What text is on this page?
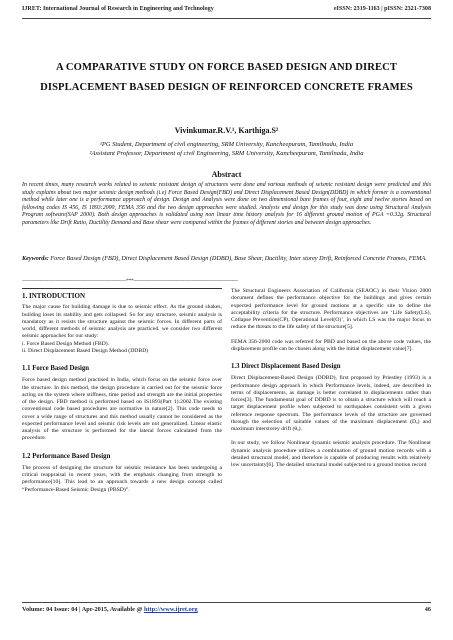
IJRET: International Journal of Research in Engineering and Technology	eISSN: 2319-1163 | pISSN: 2321-7308
A COMPARATIVE STUDY ON FORCE BASED DESIGN AND DIRECT DISPLACEMENT BASED DESIGN OF REINFORCED CONCRETE FRAMES
Vivinkumar.R.V.¹, Karthiga.S²
¹PG Student, Department of civil engineering, SRM University, Kancheepuram, Tamilnadu, India
²Assistant Professor, Department of civil Engineering, SRM University, Kancheepuram, Tamilnadu, India
Abstract
In recent times, many research works related to seismic resistant design of structures were done and various methods of seismic resistant design were predicted and this study explains about two major seismic design methods (i.e) Force Based Design(FBD) and Direct Displacement Based Design(DDBD) in which former is a conventional method while later one is a performance approach of design. Design and Analysis were done on two dimensional bare frames of four, eight and twelve stories based on following codes IS 456, IS 1893:2000, FEMA 356 and the two design approaches were studied. Analysis and design for this study was done using Structural Analysis Program software(SAP 2000). Both design approaches is validated using non linear time history analysis for 16 different ground motion of PGA =0.32g. Structural parameters like Drift Ratio, Ductility Demand and Base shear were compared within the frames of different stories and between design approaches.
Keywords: Force Based Design (FBD), Direct Displacement Based Design (DDBD), Base Shear, Ductility, Inter storey Drift, Reinforced Concrete Frames, FEMA.
--------------------------------------------------------------------***--------------------------------------------------------------------
1. INTRODUCTION

The major cause for building damage is due to seismic effect. As the ground shakes, building loses its stability and gets collapsed. So for any structure, seismic analysis is mandatory as it resists the structure against the seismic forces. In different parts of world, different methods of seismic analysis are practiced. we consider two different seismic approaches for our study:

i. Force Based Design Method (FBD).

ii. Direct Displacement Based Design Method (DDBD)

1.1 Force Based Design

Force based design method practised in India, which focus on the seismic force over the structure. In this method, the design procedure is carried out for the seismic force acting on the system where stiffness, time period and strength are the initial properties of the design. FBD method is performed based on IS1893(Part 1):2002.The existing conventional code based procedures are normative in nature[2]. This code needs to cover a wide range of structures and this method usually cannot be considered as the expected performance level and seismic risk levels are not generalized. Linear elastic analysis of the structure is performed for the lateral forces calculated from the procedure.

1.2 Performance Based Design

The process of designing the structure for seismic resistance has been undergoing a critical reappraisal in recent years, with the emphasis changing from strength to performance[10]. This lead to an approach towards a new design concept called “Performance-Based Seismic Design (PBSD)”.

The Structural Engineers Association of California (SEAOC) in their Vision 2000 document defines the performance objective for the buildings and gives certain expected performance level for ground motions at a specific site to define the acceptability criteria for the structure. Performance objectives are ‘Life Safety(LS), Collapse Prevention(CP), Operational Level(O)’, in which LS was the major focus to reduce the threats to the life safety of the structure[5].

FEMA 356-2000 code was referred for PBD and based on the above code values, the displacement profile can be chosen along with the initial displacement value[7].

1.3 Direct Displacement Based Design

Direct Displacement-Based Design (DDBD), first proposed by Priestley (1993) is a performance design approach in which Performance levels, indeed, are described in terms of displacements, as damage is better correlated to displacements rather than forces[3]. The fundamental goal of DDBD is to obtain a structure which will reach a target displacement profile when subjected to earthquakes consistent with a given reference response spectrum. The performance levels of the structure are governed through the selection of suitable values of the maximum displacement (Dₐ) and maximum interstorey drift (θₐ).

In our study, we follow Nonlinear dynamic seismic analysis procedure. The Nonlinear dynamic analysis procedure utilizes a combination of ground motion records with a detailed structural model, and therefore is capable of producing results with relatively low uncertainty[6]. The detailed structural model subjected to a ground motion record

Volume: 04 Issue: 04 | Apr-2015, Available @ http://www.ijret.org	46
